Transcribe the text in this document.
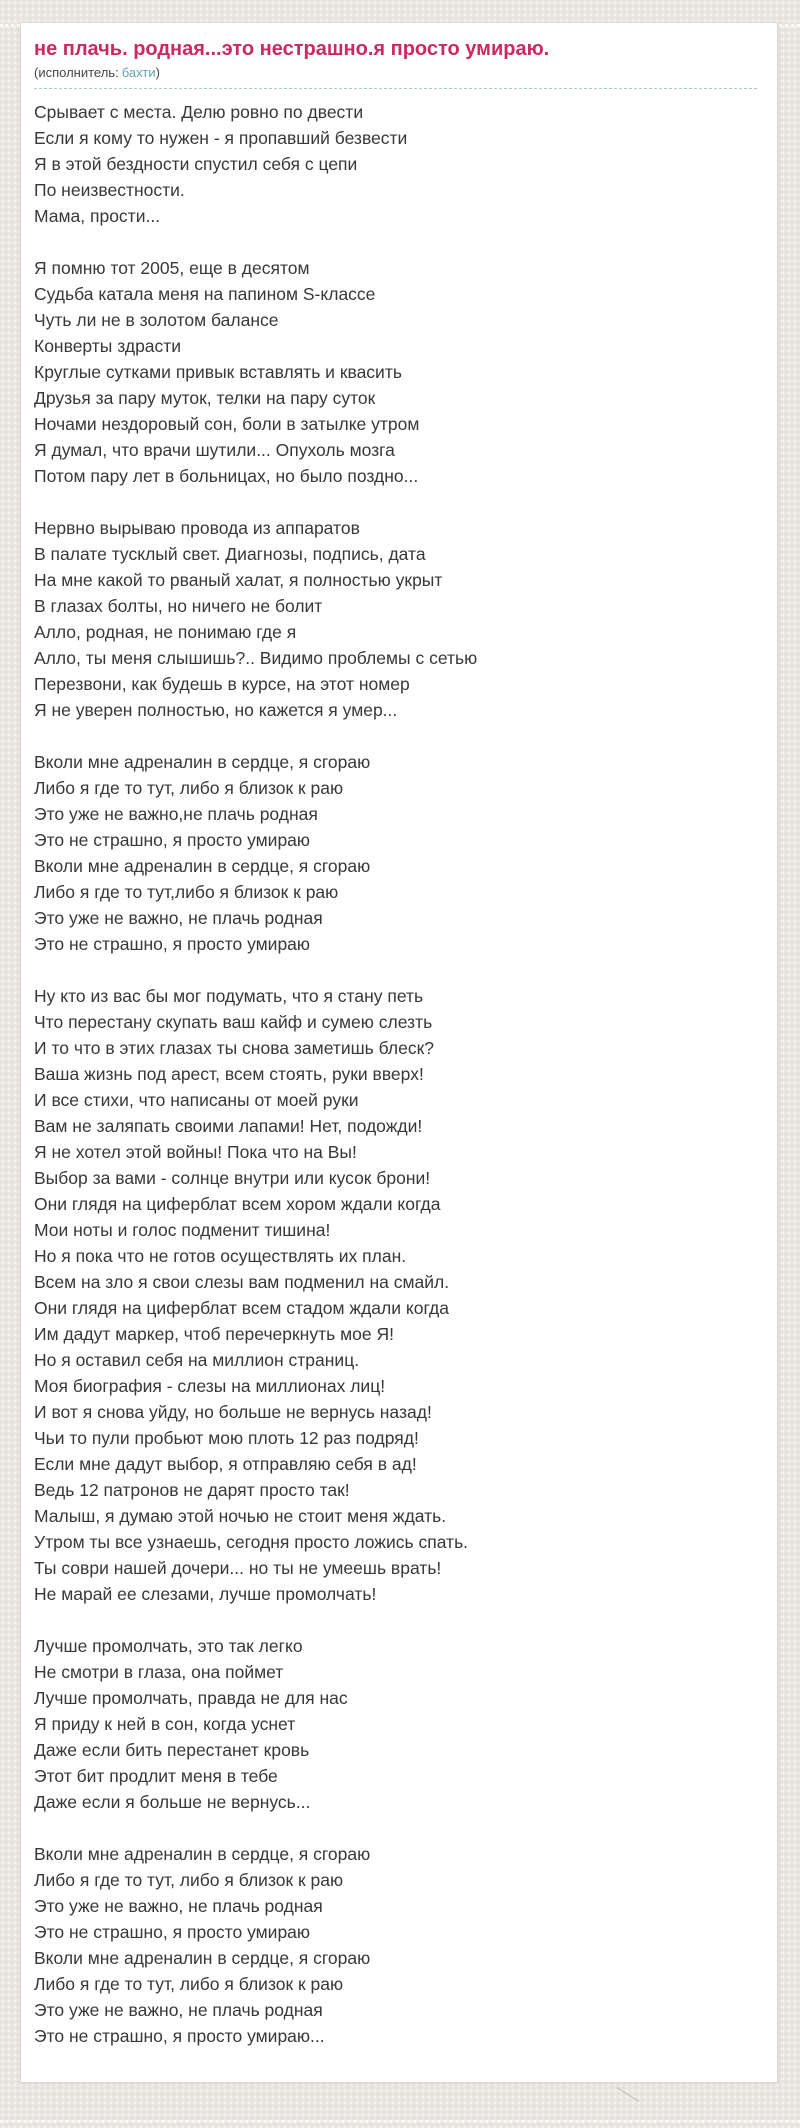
не плачь. родная...это нестрашно.я просто умираю.
(исполнитель: бахти)
Срывает с места. Делю ровно по двести
Если я кому то нужен - я пропавший безвести
Я в этой бездности спустил себя с цепи
По неизвестности.
Мама, прости...
Я помню тот 2005, еще в десятом
Судьба катала меня на папином S-классе
Чуть ли не в золотом балансе
Конверты здрасти
Круглые сутками привык вставлять и квасить
Друзья за пару муток, телки на пару суток
Ночами нездоровый сон, боли в затылке утром
Я думал, что врачи шутили... Опухоль мозга
Потом пару лет в больницах, но было поздно...
Нервно вырываю провода из аппаратов
В палате тусклый свет. Диагнозы, подпись, дата
На мне какой то рваный халат, я полностью укрыт
В глазах болты, но ничего не болит
Алло, родная, не понимаю где я
Алло, ты меня слышишь?.. Видимо проблемы с сетью
Перезвони, как будешь в курсе, на этот номер
Я не уверен полностью, но кажется я умер...
Вколи мне адреналин в сердце, я сгораю
Либо я где то тут, либо я близок к раю
Это уже не важно,не плачь родная
Это не страшно, я просто умираю
Вколи мне адреналин в сердце, я сгораю
Либо я где то тут,либо я близок к раю
Это уже не важно, не плачь родная
Это не страшно, я просто умираю
Ну кто из вас бы мог подумать, что я стану петь
Что перестану скупать ваш кайф и сумею слезть
И то что в этих глазах ты снова заметишь блеск?
Ваша жизнь под арест, всем стоять, руки вверх!
И все стихи, что написаны от моей руки
Вам не заляпать своими лапами! Нет, подожди!
Я не хотел этой войны! Пока что на Вы!
Выбор за вами - солнце внутри или кусок брони!
Они глядя на циферблат всем хором ждали когда
Мои ноты и голос подменит тишина!
Но я пока что не готов осуществлять их план.
Всем на зло я свои слезы вам подменил на смайл.
Они глядя на циферблат всем стадом ждали когда
Им дадут маркер, чтоб перечеркнуть мое Я!
Но я оставил себя на миллион страниц.
Моя биография - слезы на миллионах лиц!
И вот я снова уйду, но больше не вернусь назад!
Чьи то пули пробьют мою плоть 12 раз подряд!
Если мне дадут выбор, я отправляю себя в ад!
Ведь 12 патронов не дарят просто так!
Малыш, я думаю этой ночью не стоит меня ждать.
Утром ты все узнаешь, сегодня просто ложись спать.
Ты соври нашей дочери... но ты не умеешь врать!
Не марай ее слезами, лучше промолчать!
Лучше промолчать, это так легко
Не смотри в глаза, она поймет
Лучше промолчать, правда не для нас
Я приду к ней в сон, когда уснет
Даже если бить перестанет кровь
Этот бит продлит меня в тебе
Даже если я больше не вернусь...
Вколи мне адреналин в сердце, я сгораю
Либо я где то тут, либо я близок к раю
Это уже не важно, не плачь родная
Это не страшно, я просто умираю
Вколи мне адреналин в сердце, я сгораю
Либо я где то тут, либо я близок к раю
Это уже не важно, не плачь родная
Это не страшно, я просто умираю...
